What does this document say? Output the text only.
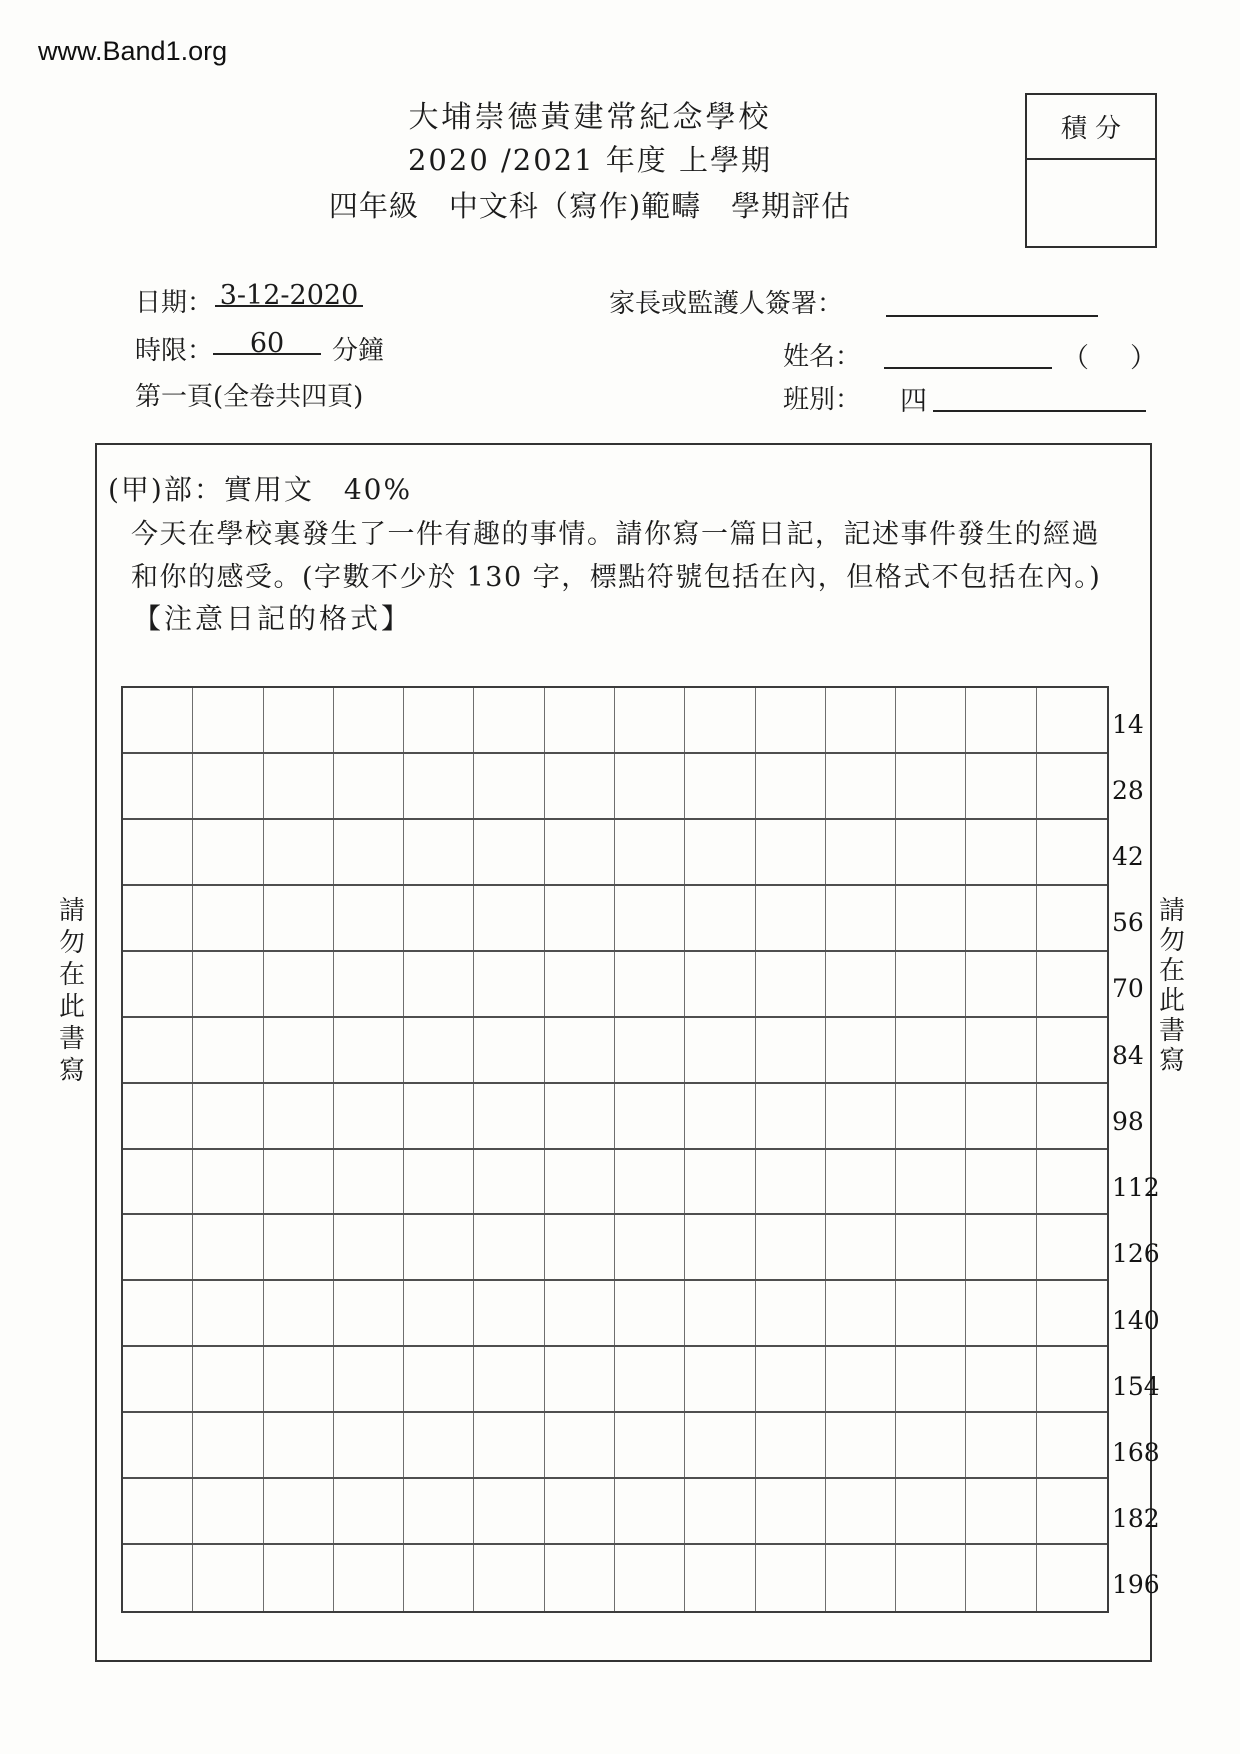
www.Band1.org
大埔崇德黃建常紀念學校
2020 /2021 年度 上學期
四年級　中文科（寫作)範疇　學期評估
積分
日期： 3-12-2020
時限：	60	分鐘
第一頁(全卷共四頁)
家長或監護人簽署：
姓名：	（ ）
班別： 四
(甲)部：實用文　40%
今天在學校裏發生了一件有趣的事情。請你寫一篇日記，記述事件發生的經過
和你的感受。(字數不少於 130 字，標點符號包括在內，但格式不包括在內。)
【注意日記的格式】
14
28
42
56
70
84
98
112
126
140
154
168
182
196
請
勿
在
此
書
寫
請
勿
在
此
書
寫
